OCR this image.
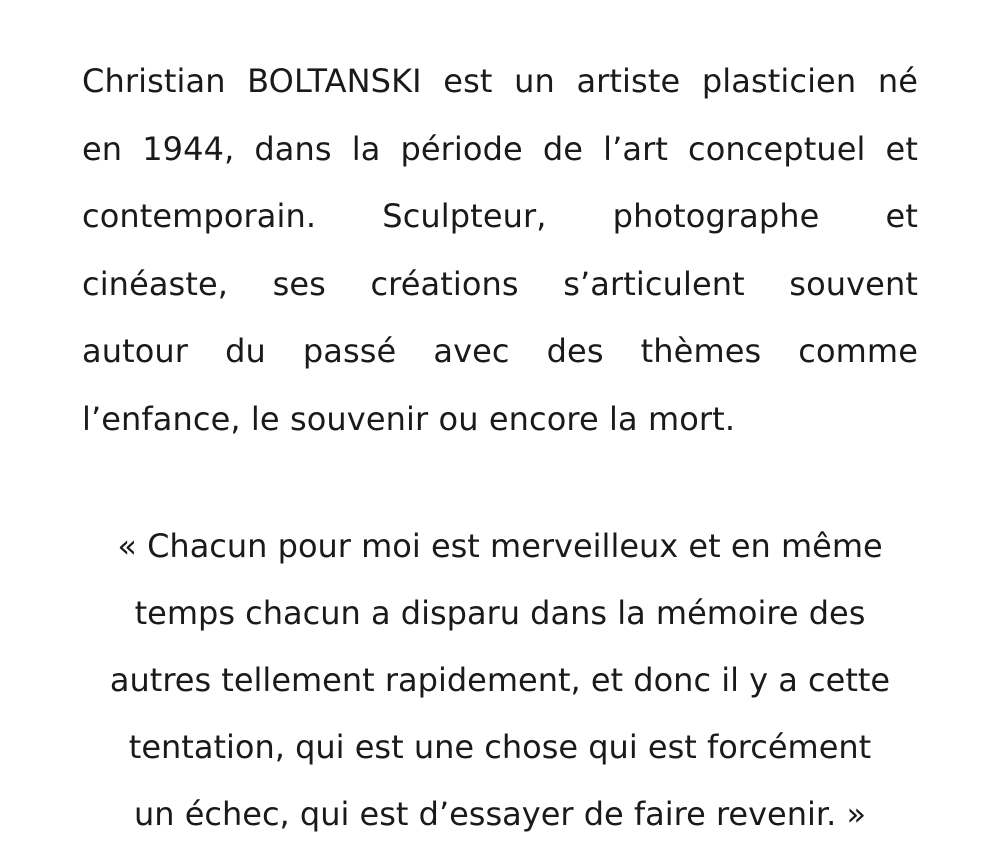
Christian BOLTANSKI est un artiste plasticien né
en 1944, dans la période de l’art conceptuel et
contemporain. Sculpteur, photographe et
cinéaste, ses créations s’articulent souvent
autour du passé avec des thèmes comme
l’enfance, le souvenir ou encore la mort.

« Chacun pour moi est merveilleux et en même
temps chacun a disparu dans la mémoire des
autres tellement rapidement, et donc il y a cette
tentation, qui est une chose qui est forcément
un échec, qui est d’essayer de faire revenir. »
